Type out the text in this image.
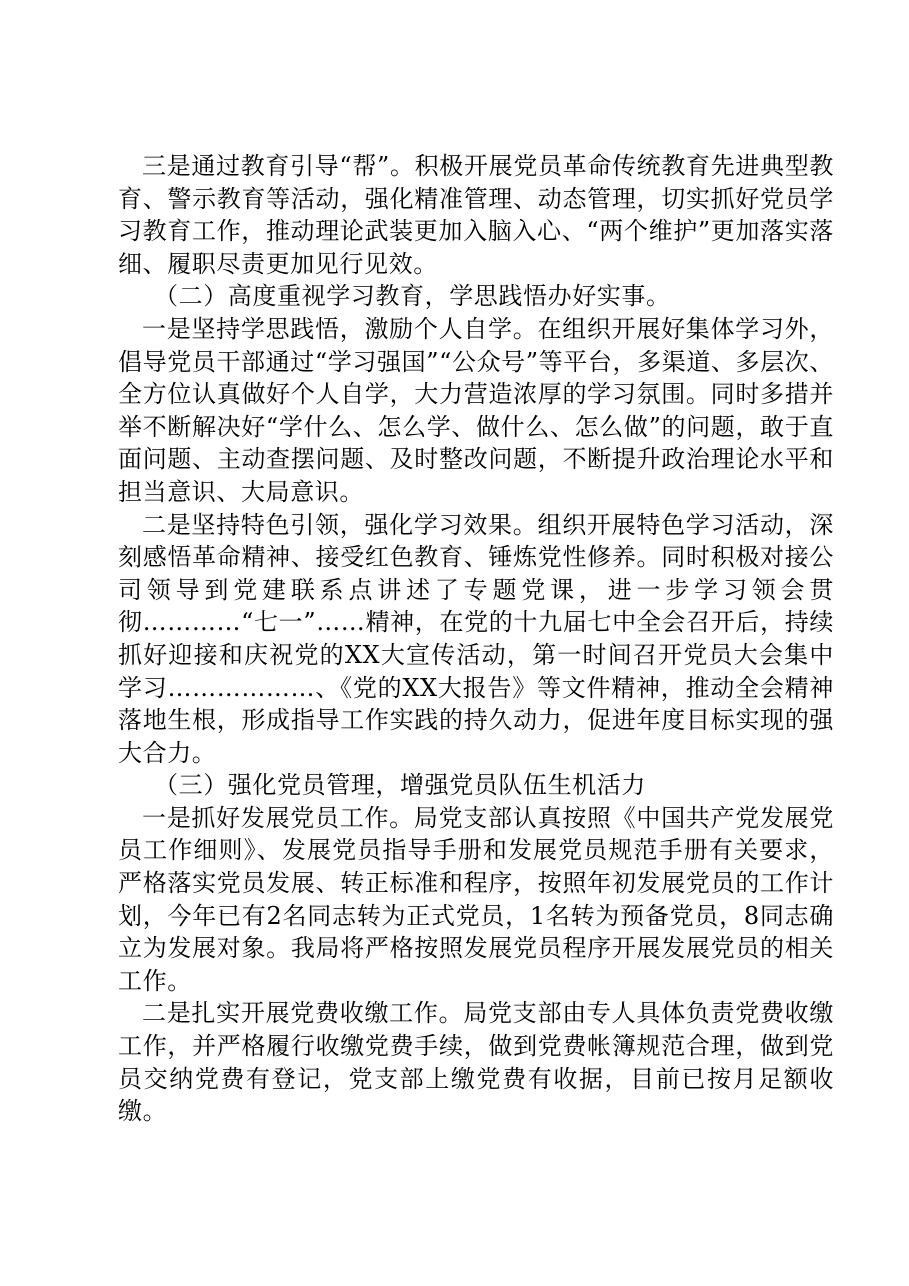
三是通过教育引导“帮”。积极开展党员革命传统教育先进典型教育、警示教育等活动，强化精准管理、动态管理，切实抓好党员学习教育工作，推动理论武装更加入脑入心、“两个维护”更加落实落细、履职尽责更加见行见效。

（二）高度重视学习教育，学思践悟办好实事。

一是坚持学思践悟，激励个人自学。在组织开展好集体学习外，倡导党员干部通过“学习强国”“公众号”等平台，多渠道、多层次、全方位认真做好个人自学，大力营造浓厚的学习氛围。同时多措并举不断解决好“学什么、怎么学、做什么、怎么做”的问题，敢于直面问题、主动查摆问题、及时整改问题，不断提升政治理论水平和担当意识、大局意识。

二是坚持特色引领，强化学习效果。组织开展特色学习活动，深刻感悟革命精神、接受红色教育、锤炼党性修养。同时积极对接公司领导到党建联系点讲述了专题党课，进一步学习领会贯彻…………“七一”……精神，在党的十九届七中全会召开后，持续抓好迎接和庆祝党的XX大宣传活动，第一时间召开党员大会集中学习………………、《党的XX大报告》等文件精神，推动全会精神落地生根，形成指导工作实践的持久动力，促进年度目标实现的强大合力。

（三）强化党员管理，增强党员队伍生机活力

一是抓好发展党员工作。局党支部认真按照《中国共产党发展党员工作细则》、发展党员指导手册和发展党员规范手册有关要求，严格落实党员发展、转正标准和程序，按照年初发展党员的工作计划，今年已有2名同志转为正式党员，1名转为预备党员，8同志确立为发展对象。我局将严格按照发展党员程序开展发展党员的相关工作。

二是扎实开展党费收缴工作。局党支部由专人具体负责党费收缴工作，并严格履行收缴党费手续，做到党费帐簿规范合理，做到党员交纳党费有登记，党支部上缴党费有收据，目前已按月足额收缴。
